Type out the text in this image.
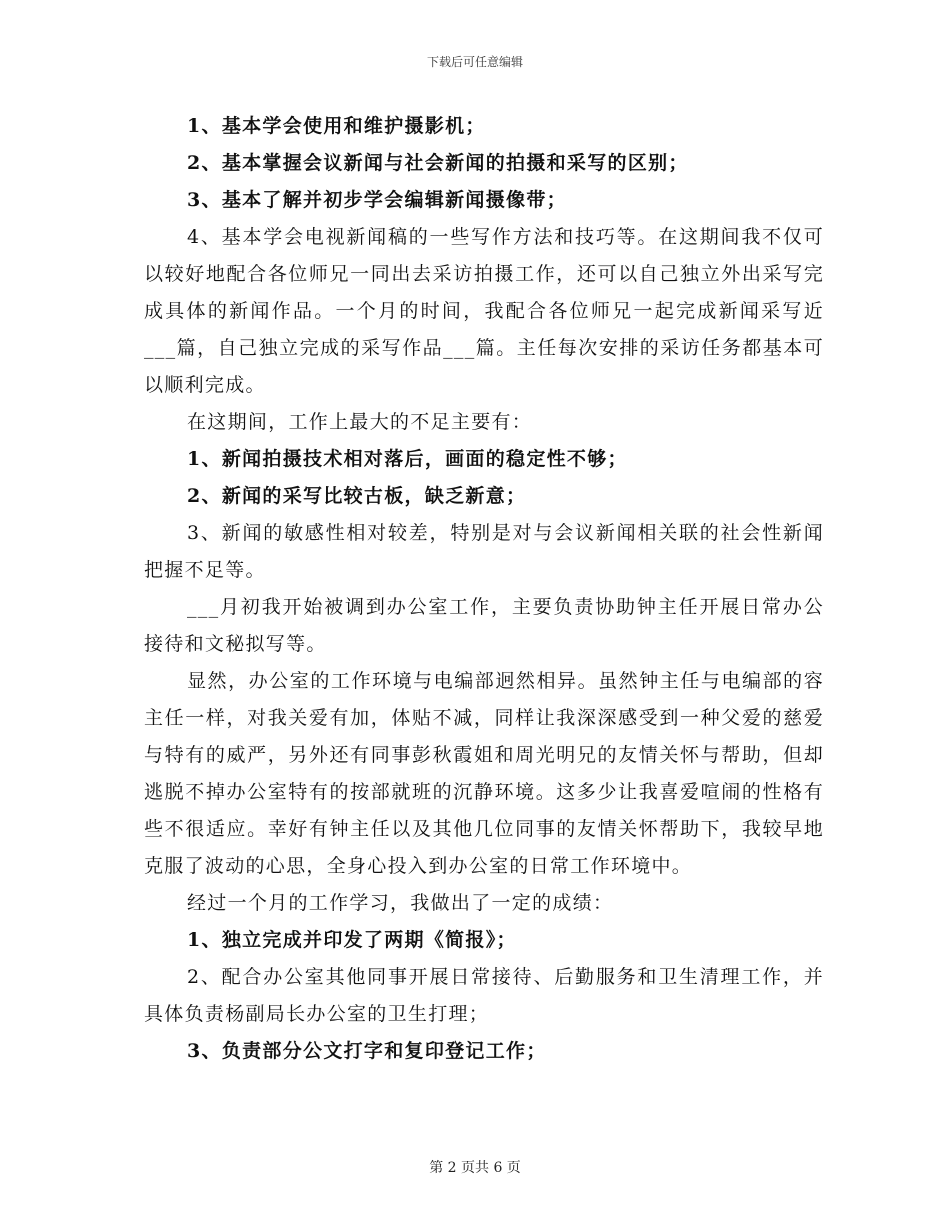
下载后可任意编辑

1、基本学会使用和维护摄影机；

2、基本掌握会议新闻与社会新闻的拍摄和采写的区别；

3、基本了解并初步学会编辑新闻摄像带；

4、基本学会电视新闻稿的一些写作方法和技巧等。在这期间我不仅可以较好地配合各位师兄一同出去采访拍摄工作，还可以自己独立外出采写完成具体的新闻作品。一个月的时间，我配合各位师兄一起完成新闻采写近___篇，自己独立完成的采写作品___篇。主任每次安排的采访任务都基本可以顺利完成。

在这期间，工作上最大的不足主要有：

1、新闻拍摄技术相对落后，画面的稳定性不够；

2、新闻的采写比较古板，缺乏新意；

3、新闻的敏感性相对较差，特别是对与会议新闻相关联的社会性新闻把握不足等。

___月初我开始被调到办公室工作，主要负责协助钟主任开展日常办公接待和文秘拟写等。

显然，办公室的工作环境与电编部迥然相异。虽然钟主任与电编部的容主任一样，对我关爱有加，体贴不减，同样让我深深感受到一种父爱的慈爱与特有的威严，另外还有同事彭秋霞姐和周光明兄的友情关怀与帮助，但却逃脱不掉办公室特有的按部就班的沉静环境。这多少让我喜爱喧闹的性格有些不很适应。幸好有钟主任以及其他几位同事的友情关怀帮助下，我较早地克服了波动的心思，全身心投入到办公室的日常工作环境中。

经过一个月的工作学习，我做出了一定的成绩：

1、独立完成并印发了两期《简报》；

2、配合办公室其他同事开展日常接待、后勤服务和卫生清理工作，并具体负责杨副局长办公室的卫生打理；

3、负责部分公文打字和复印登记工作；

第 2 页共 6 页
